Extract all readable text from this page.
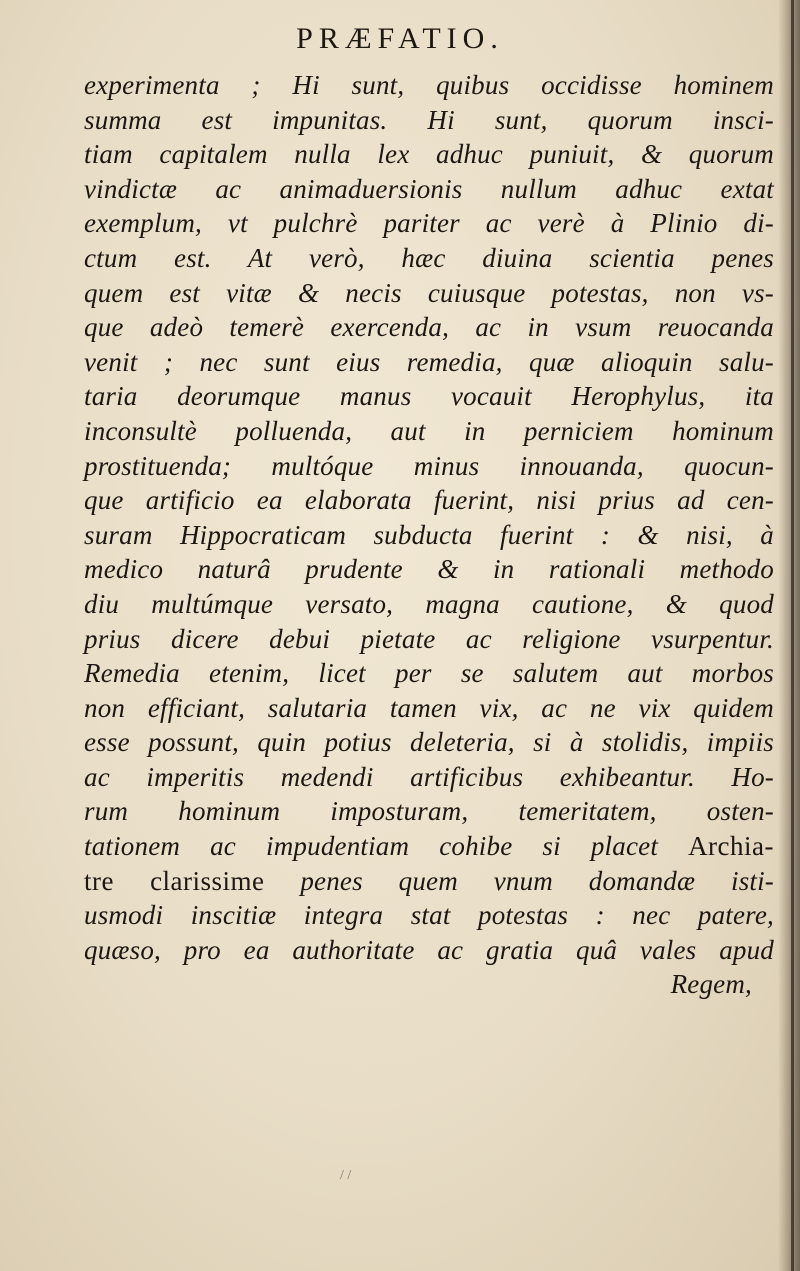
PRÆFATIO.
experimenta ; Hi sunt, quibus occidisse hominem
summa est impunitas. Hi sunt, quorum insci-
tiam capitalem nulla lex adhuc puniuit, & quorum
vindictæ ac animaduersionis nullum adhuc extat
exemplum, vt pulchrè pariter ac verè à Plinio di-
ctum est. At verò, hæc diuina scientia penes
quem est vitæ & necis cuiusque potestas, non vs-
que adeò temerè exercenda, ac in vsum reuocanda
venit ; nec sunt eius remedia, quæ alioquin salu-
taria deorumque manus vocauit Herophylus, ita
inconsultè polluenda, aut in perniciem hominum
prostituenda; multóque minus innouanda, quocun-
que artificio ea elaborata fuerint, nisi prius ad cen-
suram Hippocraticam subducta fuerint : & nisi, à
medico naturâ prudente & in rationali methodo
diu multúmque versato, magna cautione, & quod
prius dicere debui pietate ac religione vsurpentur.
Remedia etenim, licet per se salutem aut morbos
non efficiant, salutaria tamen vix, ac ne vix quidem
esse possunt, quin potius deleteria, si à stolidis, impiis
ac imperitis medendi artificibus exhibeantur. Ho-
rum hominum imposturam, temeritatem, osten-
tationem ac impudentiam cohibe si placet Archia-
tre clarissime penes quem vnum domandæ isti-
usmodi inscitiæ integra stat potestas : nec patere,
quæso, pro ea authoritate ac gratia quâ vales apud
Regem,
/ /
